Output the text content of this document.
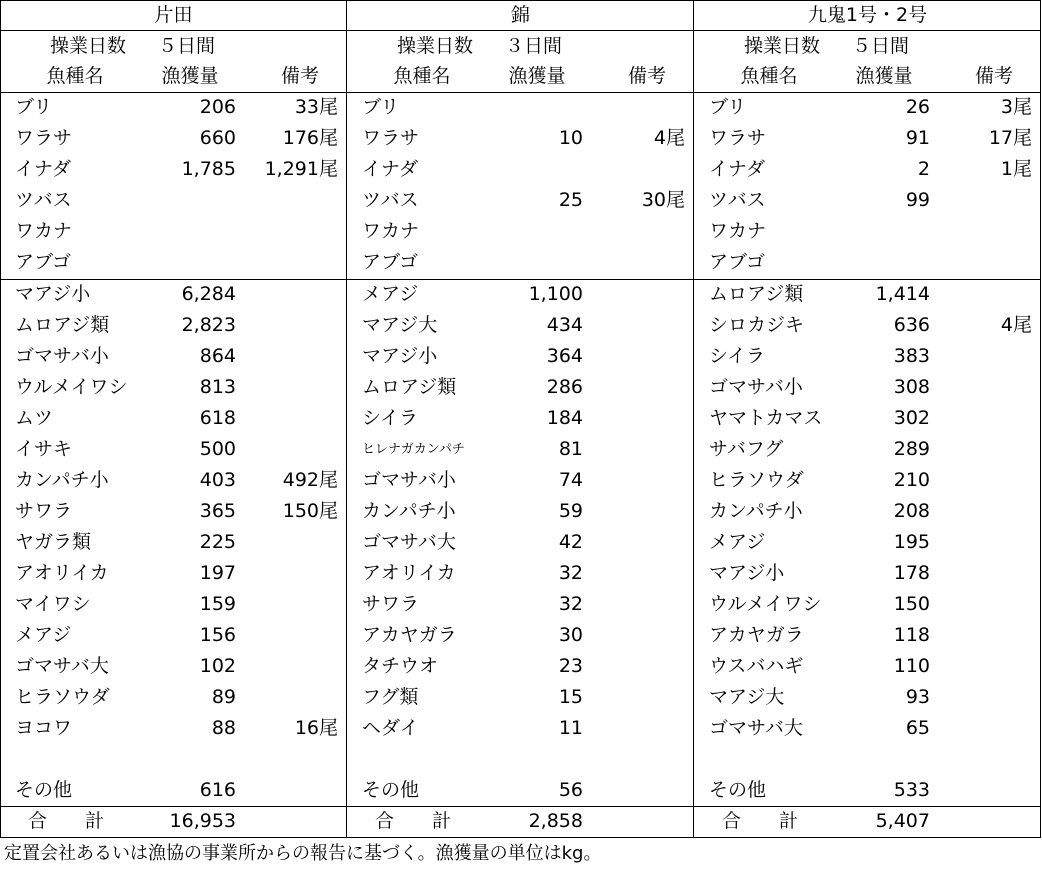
片田
操業日数 ５日間
魚種名	漁獲量	備考
ブリ	206	33尾
ワラサ	660	176尾
イナダ	1,785	1,291尾
ツバス
ワカナ
アブゴ
マアジ小	6,284
ムロアジ類	2,823
ゴマサバ小	864
ウルメイワシ	813
ムツ	618
イサキ	500
カンパチ小	403	492尾
サワラ	365	150尾
ヤガラ類	225
アオリイカ	197
マイワシ	159
メアジ	156
ゴマサバ大	102
ヒラソウダ	89
ヨコワ	88	16尾
その他	616
合　　計	16,953
錦
操業日数 ３日間
魚種名	漁獲量	備考
ブリ
ワラサ	10	4尾
イナダ
ツバス	25	30尾
ワカナ
アブゴ
メアジ	1,100
マアジ大	434
マアジ小	364
ムロアジ類	286
シイラ	184
ヒレナガカンパチ	81
ゴマサバ小	74
カンパチ小	59
ゴマサバ大	42
アオリイカ	32
サワラ	32
アカヤガラ	30
タチウオ	23
フグ類	15
ヘダイ	11
その他	56
合　　計	2,858
九鬼1号・2号
操業日数 ５日間
魚種名	漁獲量	備考
ブリ	26	3尾
ワラサ	91	17尾
イナダ	2	1尾
ツバス	99
ワカナ
アブゴ
ムロアジ類	1,414
シロカジキ	636	4尾
シイラ	383
ゴマサバ小	308
ヤマトカマス	302
サバフグ	289
ヒラソウダ	210
カンパチ小	208
メアジ	195
マアジ小	178
ウルメイワシ	150
アカヤガラ	118
ウスバハギ	110
マアジ大	93
ゴマサバ大	65
その他	533
合　　計	5,407
定置会社あるいは漁協の事業所からの報告に基づく。漁獲量の単位はkg。
